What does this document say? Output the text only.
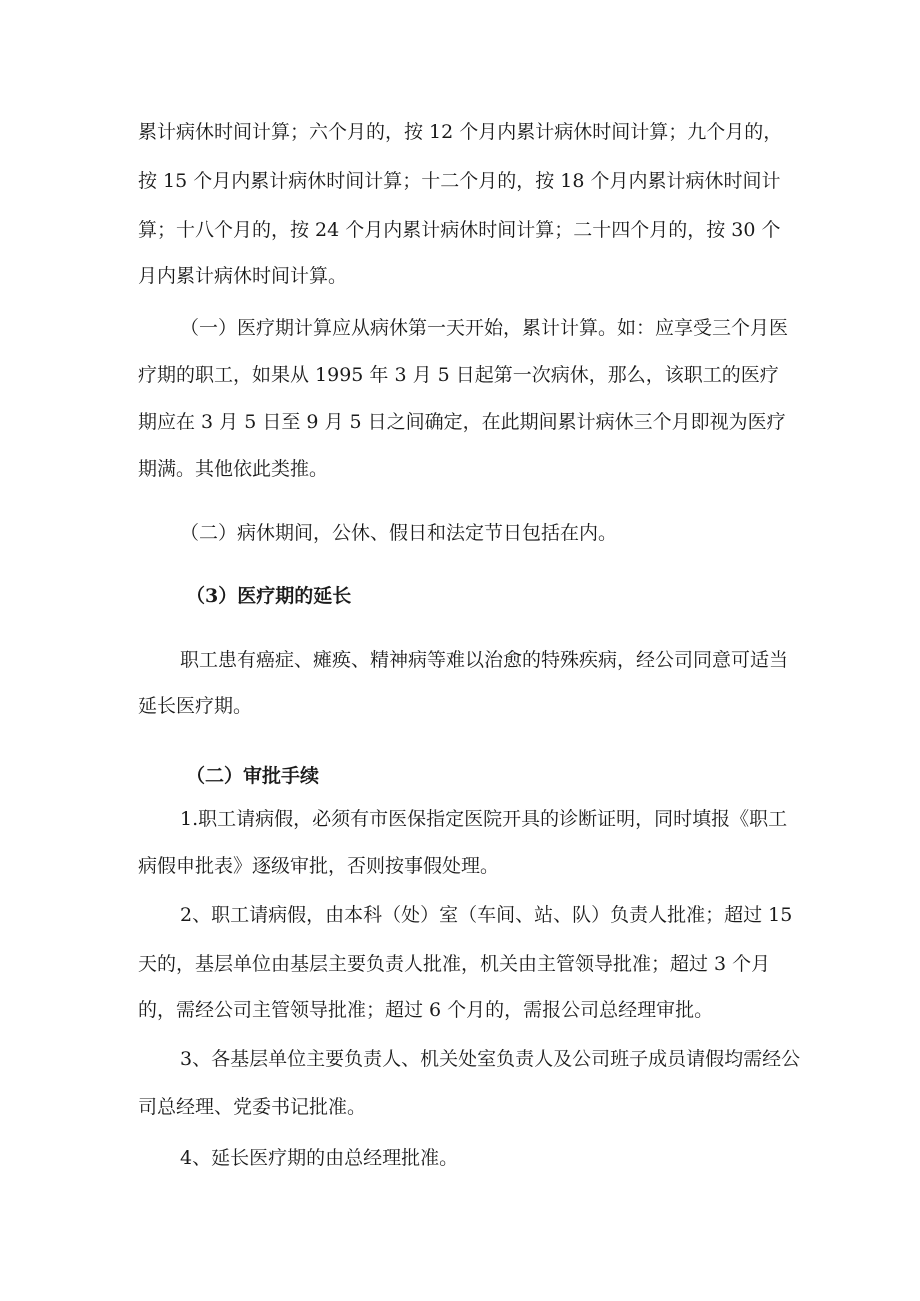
累计病休时间计算；六个月的，按 12 个月内累计病休时间计算；九个月的，

按 15 个月内累计病休时间计算；十二个月的，按 18 个月内累计病休时间计

算；十八个月的，按 24 个月内累计病休时间计算；二十四个月的，按 30 个

月内累计病休时间计算。

（一）医疗期计算应从病休第一天开始，累计计算。如：应享受三个月医

疗期的职工，如果从 1995 年 3 月 5 日起第一次病休，那么，该职工的医疗

期应在 3 月 5 日至 9 月 5 日之间确定，在此期间累计病休三个月即视为医疗

期满。其他依此类推。

（二）病休期间，公休、假日和法定节日包括在内。

（3）医疗期的延长

职工患有癌症、瘫痪、精神病等难以治愈的特殊疾病，经公司同意可适当

延长医疗期。

（二）审批手续

1.职工请病假，必须有市医保指定医院开具的诊断证明，同时填报《职工

病假申批表》逐级审批，否则按事假处理。

2、职工请病假，由本科（处）室（车间、站、队）负责人批准；超过 15

天的，基层单位由基层主要负责人批准，机关由主管领导批准；超过 3 个月

的，需经公司主管领导批准；超过 6 个月的，需报公司总经理审批。

3、各基层单位主要负责人、机关处室负责人及公司班子成员请假均需经公

司总经理、党委书记批准。

4、延长医疗期的由总经理批准。
